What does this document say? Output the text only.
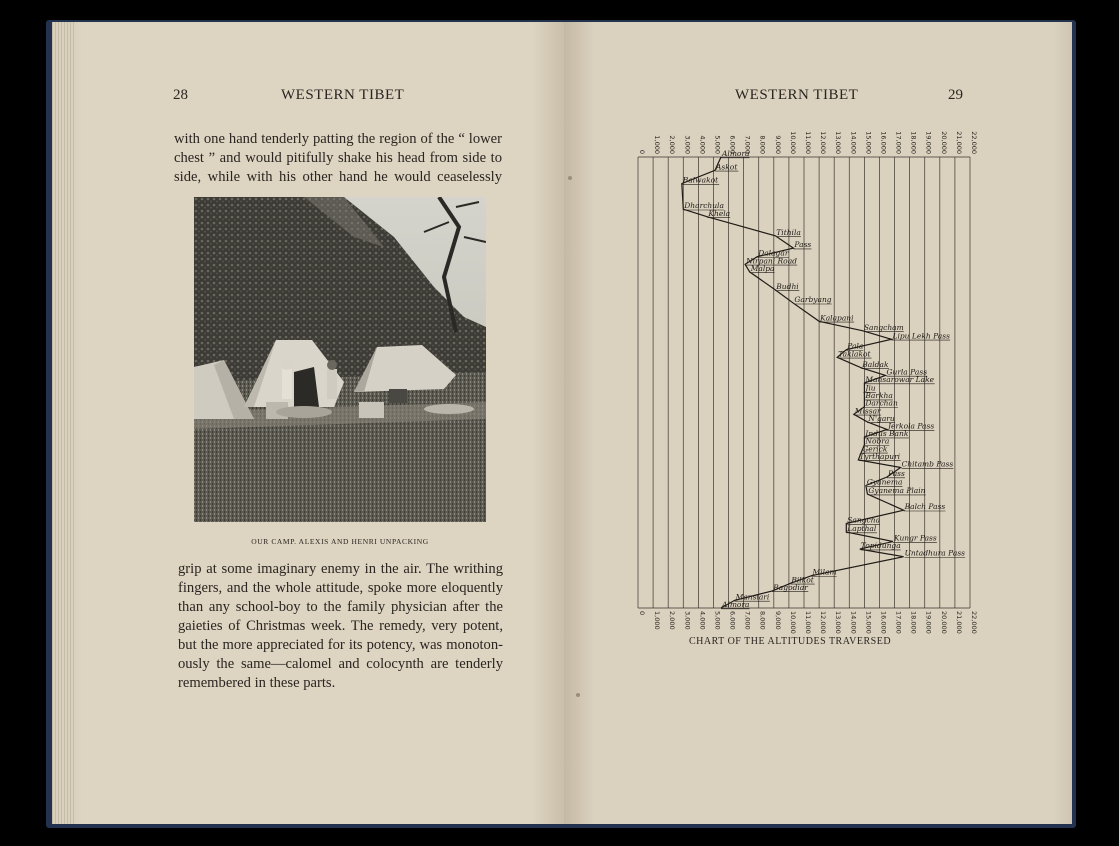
28	WESTERN TIBET
with one hand tenderly patting the region of the “ lower
chest ” and would pitifully shake his head from side to
side, while with his other hand he would ceaselessly
OUR CAMP. ALEXIS AND HENRI UNPACKING
grip at some imaginary enemy in the air. The writhing
fingers, and the whole attitude, spoke more eloquently
than any school-boy to the family physician after the
gaieties of Christmas week. The remedy, very potent,
but the more appreciated for its potency, was monoton-
ously the same—calomel and colocynth are tenderly
remembered in these parts.
WESTERN TIBET	29
0
0
1,000
1,000
2,000
2,000
3,000
3,000
4,000
4,000
5,000
5,000
6,000
6,000
7,000
7,000
8,000
8,000
9,000
9,000
10,000
10,000
11,000
11,000
12,000
12,000
13,000
13,000
14,000
14,000
15,000
15,000
16,000
16,000
17,000
17,000
18,000
18,000
19,000
19,000
20,000
20,000
21,000
21,000
22,000
22,000
Almora
Askot
Balwakot
Dharchula
Khela
Tithila
Pass
Dalagar
Nirpani Road
Malpa
Budhi
Garbyang
Kalapani
Sangcham
Lipu Lekh Pass
Pala
Taklakot
Baldak
Gurla Pass
Mansarowar Lake
Jiu
Barkha
Darchan
Missar
N'garu
Jerkola Pass
Indus Bank
Nobra
Gerick
Tyrthapuri
Chitamb Pass
Pass
Gyanema
Gyanema Plain
Balch Pass
Sangcha
Lapthal
Kungr Pass
Topidunga
Untadhura Pass
Milam
Bilkot
Bagodiar
Mansiari
Almora
CHART OF THE ALTITUDES TRAVERSED
